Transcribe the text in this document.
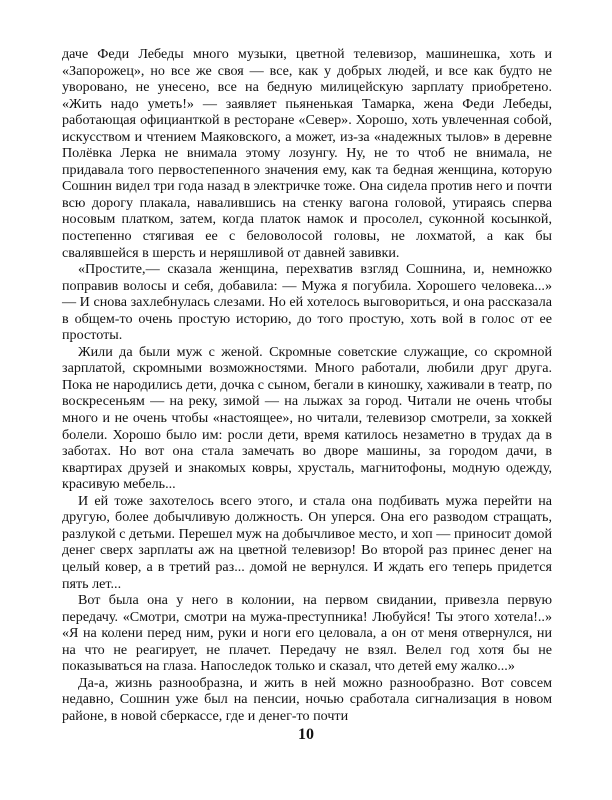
даче Феди Лебеды много музыки, цветной телевизор, машинешка, хоть и «Запорожец», но все же своя — все, как у добрых людей, и все как будто не уворовано, не унесено, все на бедную милицейскую зарплату приобретено. «Жить надо уметь!» — заявляет пьяненькая Тамарка, жена Феди Лебеды, работающая официанткой в ресторане «Север». Хорошо, хоть увлеченная собой, искусством и чтением Маяковского, а может, из-за «надежных тылов» в деревне Полёвка Лерка не внимала этому лозунгу. Ну, не то чтоб не внимала, не придавала того первостепенного значения ему, как та бедная женщина, которую Сошнин видел три года назад в электричке тоже. Она сидела против него и почти всю дорогу плакала, навалившись на стенку вагона головой, утираясь сперва носовым платком, затем, когда платок намок и просолел, суконной косынкой, постепенно стягивая ее с беловолосой головы, не лохматой, а как бы свалявшейся в шерсть и неряшливой от давней завивки.

«Простите,— сказала женщина, перехватив взгляд Сошнина, и, немножко поправив волосы и себя, добавила: — Мужа я погубила. Хорошего человека...» — И снова захлебнулась слезами. Но ей хотелось выговориться, и она рассказала в общем-то очень простую историю, до того простую, хоть вой в голос от ее простоты.

Жили да были муж с женой. Скромные советские служащие, со скромной зарплатой, скромными возможностями. Много работали, любили друг друга. Пока не народились дети, дочка с сыном, бегали в киношку, хаживали в театр, по воскресеньям — на реку, зимой — на лыжах за город. Читали не очень чтобы много и не очень чтобы «настоящее», но читали, телевизор смотрели, за хоккей болели. Хорошо было им: росли дети, время катилось незаметно в трудах да в заботах. Но вот она стала замечать во дворе машины, за городом дачи, в квартирах друзей и знакомых ковры, хрусталь, магнитофоны, модную одежду, красивую мебель...

И ей тоже захотелось всего этого, и стала она подбивать мужа перейти на другую, более добычливую должность. Он уперся. Она его разводом стращать, разлукой с детьми. Перешел муж на добычливое место, и хоп — приносит домой денег сверх зарплаты аж на цветной телевизор! Во второй раз принес денег на целый ковер, а в третий раз... домой не вернулся. И ждать его теперь придется пять лет...

Вот была она у него в колонии, на первом свидании, привезла первую передачу. «Смотри, смотри на мужа-преступника! Любуйся! Ты этого хотела!..» «Я на колени перед ним, руки и ноги его целовала, а он от меня отвернулся, ни на что не реагирует, не плачет. Передачу не взял. Велел год хотя бы не показываться на глаза. Напоследок только и сказал, что детей ему жалко...»

Да-а, жизнь разнообразна, и жить в ней можно разнообразно. Вот совсем недавно, Сошнин уже был на пенсии, ночью сработала сигнализация в новом районе, в новой сберкассе, где и денег-то почти

10
